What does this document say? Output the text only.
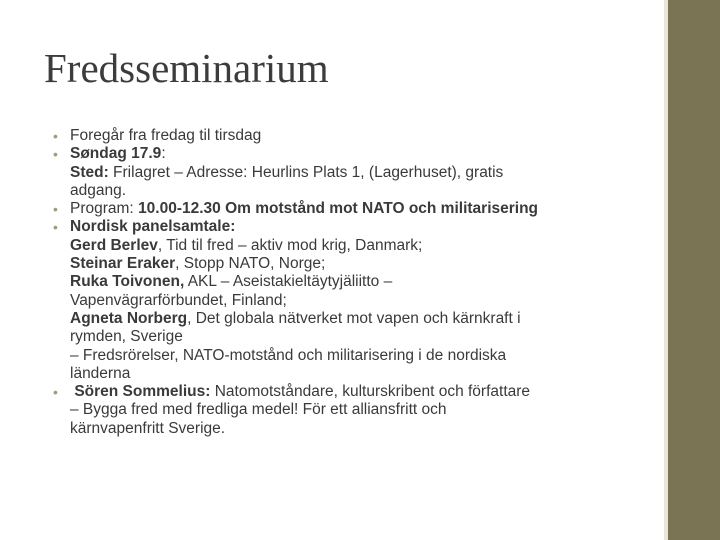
Fredsseminarium
• Foregår fra fredag til tirsdag
• Søndag 17.9:
Sted: Frilagret – Adresse: Heurlins Plats 1, (Lagerhuset), gratis
adgang.
• Program: 10.00-12.30 Om motstånd mot NATO och militarisering
• Nordisk panelsamtale:
Gerd Berlev, Tid til fred – aktiv mod krig, Danmark;
Steinar Eraker, Stopp NATO, Norge;
Ruka Toivonen, AKL – Aseistakieltäytyjäliitto –
Vapenvägrarförbundet, Finland;
Agneta Norberg, Det globala nätverket mot vapen och kärnkraft i
rymden, Sverige
– Fredsrörelser, NATO-motstånd och militarisering i de nordiska
länderna
• Sören Sommelius: Natomotståndare, kulturskribent och författare
– Bygga fred med fredliga medel! För ett alliansfritt och
kärnvapenfritt Sverige.
